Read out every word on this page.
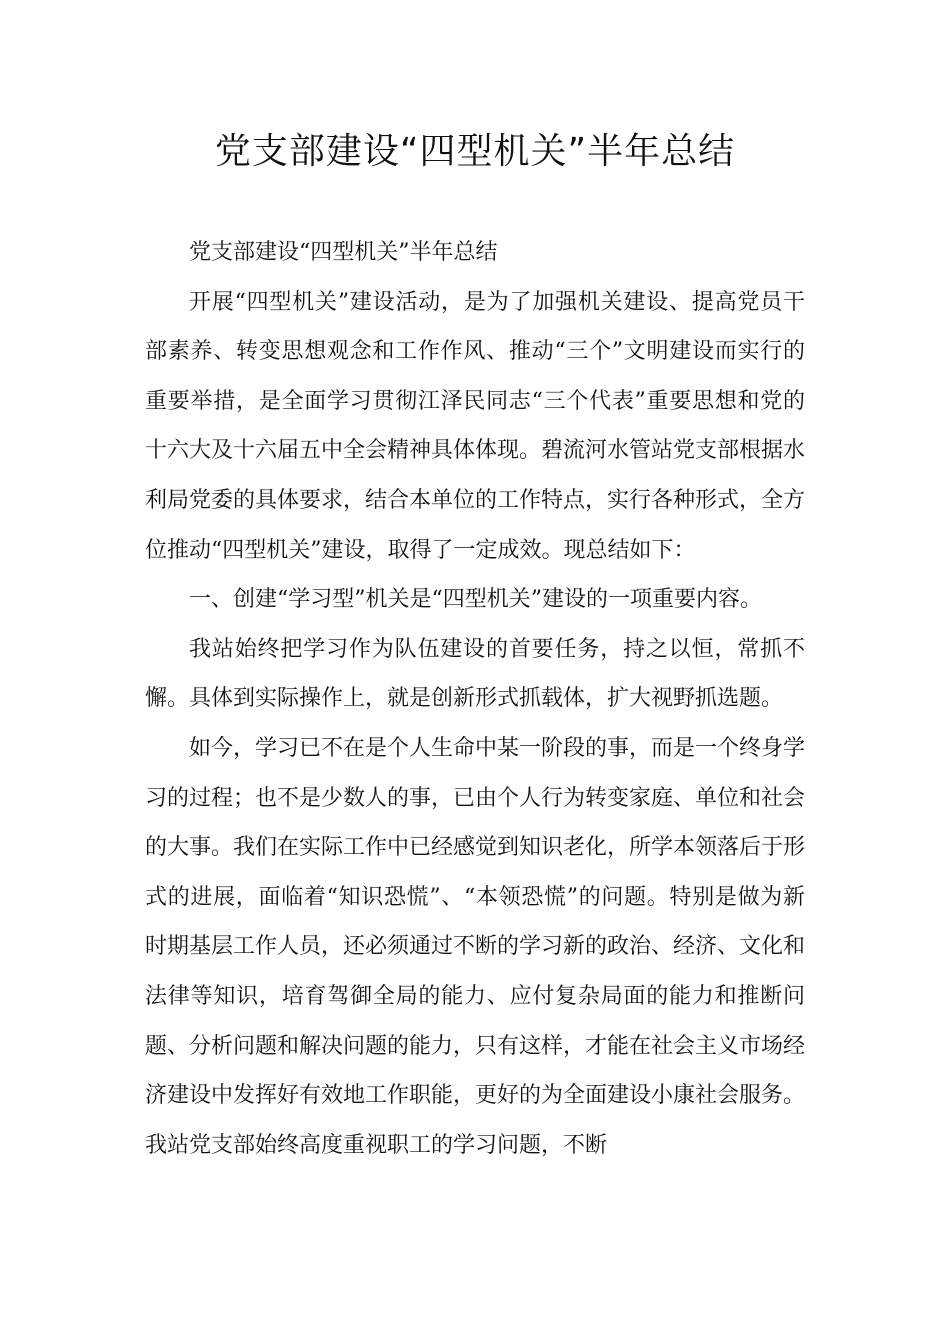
党支部建设“四型机关”半年总结

党支部建设“四型机关”半年总结

开展“四型机关”建设活动，是为了加强机关建设、提高党员干部素养、转变思想观念和工作作风、推动“三个”文明建设而实行的重要举措，是全面学习贯彻江泽民同志“三个代表”重要思想和党的十六大及十六届五中全会精神具体体现。碧流河水管站党支部根据水利局党委的具体要求，结合本单位的工作特点，实行各种形式，全方位推动“四型机关”建设，取得了一定成效。现总结如下：

一、创建“学习型”机关是“四型机关”建设的一项重要内容。

我站始终把学习作为队伍建设的首要任务，持之以恒，常抓不懈。具体到实际操作上，就是创新形式抓载体，扩大视野抓选题。

如今，学习已不在是个人生命中某一阶段的事，而是一个终身学习的过程；也不是少数人的事，已由个人行为转变家庭、单位和社会的大事。我们在实际工作中已经感觉到知识老化，所学本领落后于形式的进展，面临着“知识恐慌”、“本领恐慌”的问题。特别是做为新时期基层工作人员，还必须通过不断的学习新的政治、经济、文化和法律等知识，培育驾御全局的能力、应付复杂局面的能力和推断问题、分析问题和解决问题的能力，只有这样，才能在社会主义市场经济建设中发挥好有效地工作职能，更好的为全面建设小康社会服务。我站党支部始终高度重视职工的学习问题，不断
